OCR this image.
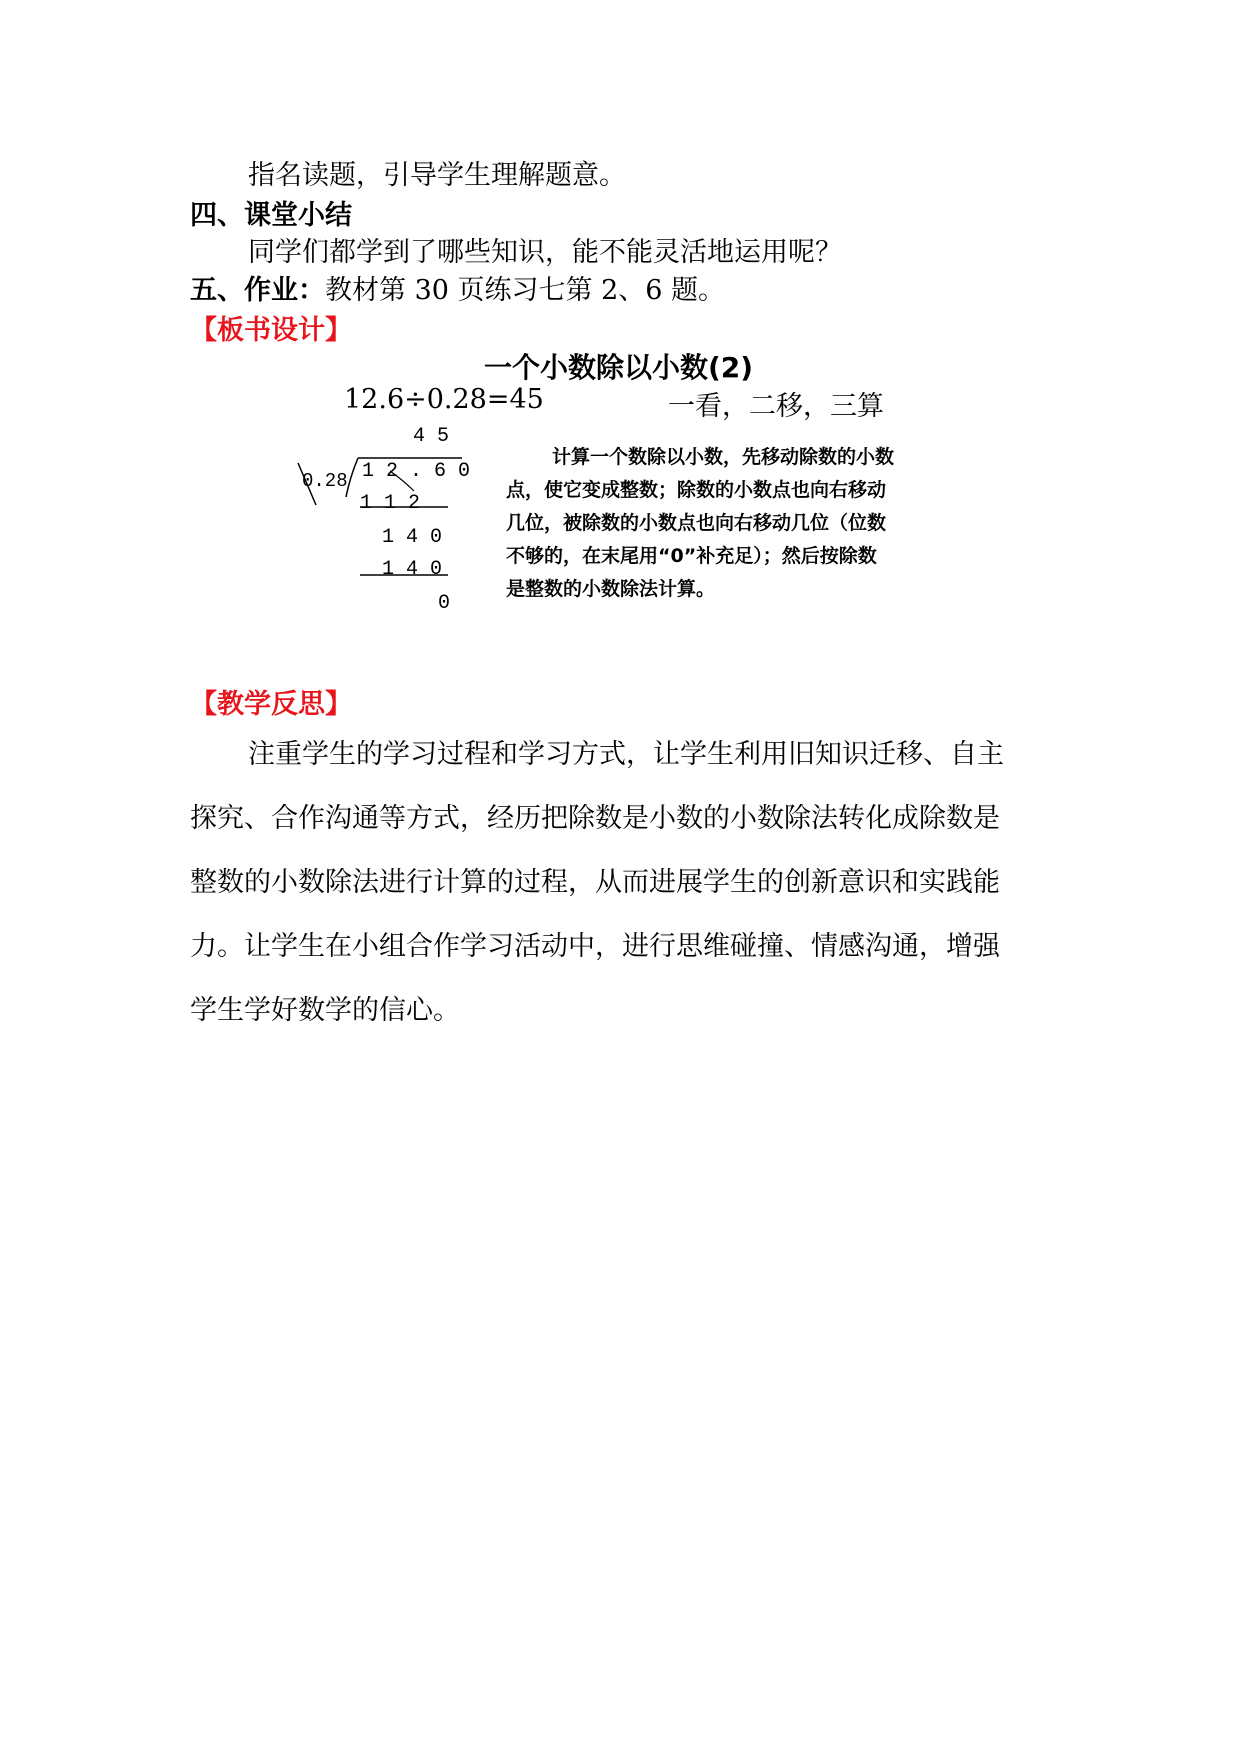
指名读题，引导学生理解题意。
四、课堂小结
同学们都学到了哪些知识，能不能灵活地运用呢？
五、作业：教材第 30 页练习七第 2、6 题。
【板书设计】
一个小数除以小数(2)
12.6÷0.28=45	一看，二移，三算
4 5
0.28 1 2 . 6 0
1 1 2
1 4 0
1 4 0
0
计算一个数除以小数，先移动除数的小数
点，使它变成整数；除数的小数点也向右移动
几位，被除数的小数点也向右移动几位（位数
不够的，在末尾用“0”补充足）；然后按除数
是整数的小数除法计算。
【教学反思】
注重学生的学习过程和学习方式，让学生利用旧知识迁移、自主
探究、合作沟通等方式，经历把除数是小数的小数除法转化成除数是
整数的小数除法进行计算的过程，从而进展学生的创新意识和实践能
力。让学生在小组合作学习活动中，进行思维碰撞、情感沟通，增强
学生学好数学的信心。
